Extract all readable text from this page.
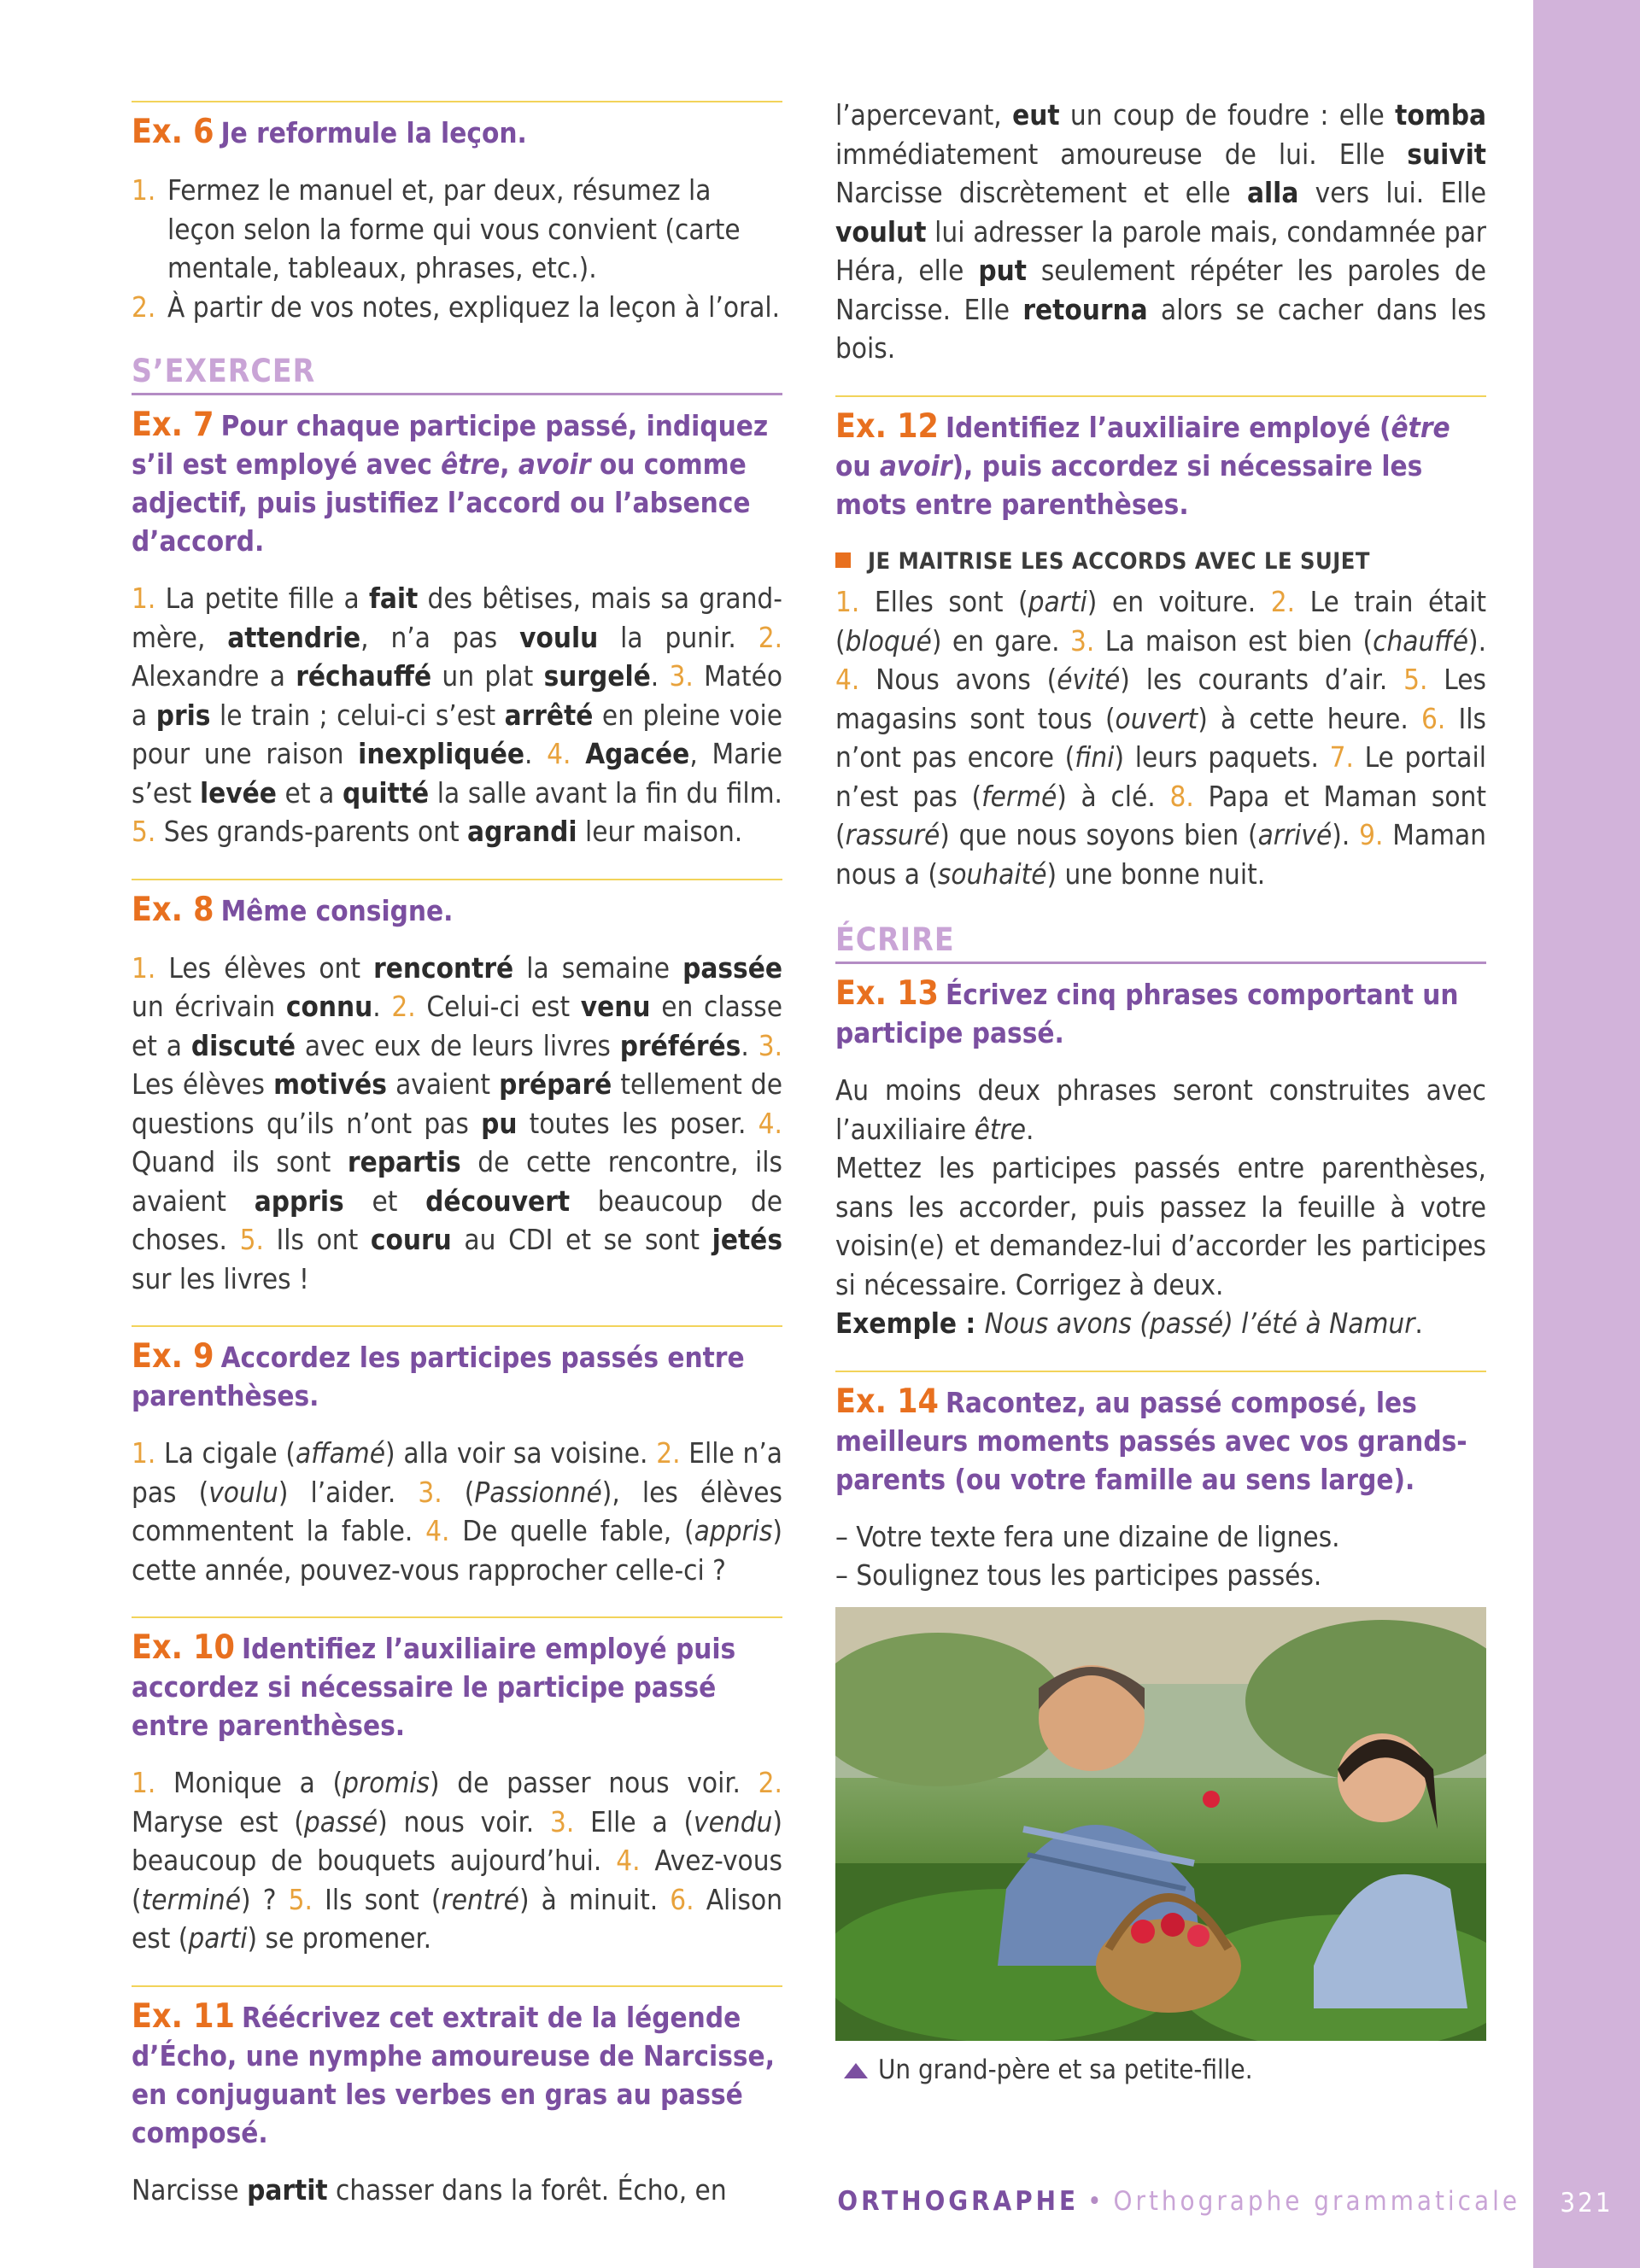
Ex. 6 Je reformule la leçon.
1. Fermez le manuel et, par deux, résumez la leçon selon la forme qui vous convient (carte mentale, tableaux, phrases, etc.).
2. À partir de vos notes, expliquez la leçon à l’oral.
S’EXERCER
Ex. 7 Pour chaque participe passé, indiquez s’il est employé avec être, avoir ou comme adjectif, puis justifiez l’accord ou l’absence d’accord.
1. La petite fille a fait des bêtises, mais sa grand-mère, attendrie, n’a pas voulu la punir. 2. Alexandre a réchauffé un plat surgelé. 3. Matéo a pris le train ; celui-ci s’est arrêté en pleine voie pour une raison inexpliquée. 4. Agacée, Marie s’est levée et a quitté la salle avant la fin du film. 5. Ses grands-parents ont agrandi leur maison.
Ex. 8 Même consigne.
1. Les élèves ont rencontré la semaine passée un écrivain connu. 2. Celui-ci est venu en classe et a discuté avec eux de leurs livres préférés. 3. Les élèves motivés avaient préparé tellement de questions qu’ils n’ont pas pu toutes les poser. 4. Quand ils sont repartis de cette rencontre, ils avaient appris et découvert beaucoup de choses. 5. Ils ont couru au CDI et se sont jetés sur les livres !
Ex. 9 Accordez les participes passés entre parenthèses.
1. La cigale (affamé) alla voir sa voisine. 2. Elle n’a pas (voulu) l’aider. 3. (Passionné), les élèves commentent la fable. 4. De quelle fable, (appris) cette année, pouvez-vous rapprocher celle-ci ?
Ex. 10 Identifiez l’auxiliaire employé puis accordez si nécessaire le participe passé entre parenthèses.
1. Monique a (promis) de passer nous voir. 2. Maryse est (passé) nous voir. 3. Elle a (vendu) beaucoup de bouquets aujourd’hui. 4. Avez-vous (terminé) ? 5. Ils sont (rentré) à minuit. 6. Alison est (parti) se promener.
Ex. 11 Réécrivez cet extrait de la légende d’Écho, une nymphe amoureuse de Narcisse, en conjuguant les verbes en gras au passé composé.
Narcisse partit chasser dans la forêt. Écho, en
l’apercevant, eut un coup de foudre : elle tomba immédiatement amoureuse de lui. Elle suivit Narcisse discrètement et elle alla vers lui. Elle voulut lui adresser la parole mais, condamnée par Héra, elle put seulement répéter les paroles de Narcisse. Elle retourna alors se cacher dans les bois.
Ex. 12 Identifiez l’auxiliaire employé (être ou avoir), puis accordez si nécessaire les mots entre parenthèses.
JE MAITRISE LES ACCORDS AVEC LE SUJET
1. Elles sont (parti) en voiture. 2. Le train était (bloqué) en gare. 3. La maison est bien (chauffé). 4. Nous avons (évité) les courants d’air. 5. Les magasins sont tous (ouvert) à cette heure. 6. Ils n’ont pas encore (fini) leurs paquets. 7. Le portail n’est pas (fermé) à clé. 8. Papa et Maman sont (rassuré) que nous soyons bien (arrivé). 9. Maman nous a (souhaité) une bonne nuit.
ÉCRIRE
Ex. 13 Écrivez cinq phrases comportant un participe passé.
Au moins deux phrases seront construites avec l’auxiliaire être.
Mettez les participes passés entre parenthèses, sans les accorder, puis passez la feuille à votre voisin(e) et demandez-lui d’accorder les participes si nécessaire. Corrigez à deux.
Exemple : Nous avons (passé) l’été à Namur.
Ex. 14 Racontez, au passé composé, les meilleurs moments passés avec vos grands-parents (ou votre famille au sens large).
– Votre texte fera une dizaine de lignes.
– Soulignez tous les participes passés.
Un grand-père et sa petite-fille.
ORTHOGRAPHE • Orthographe grammaticale	321
